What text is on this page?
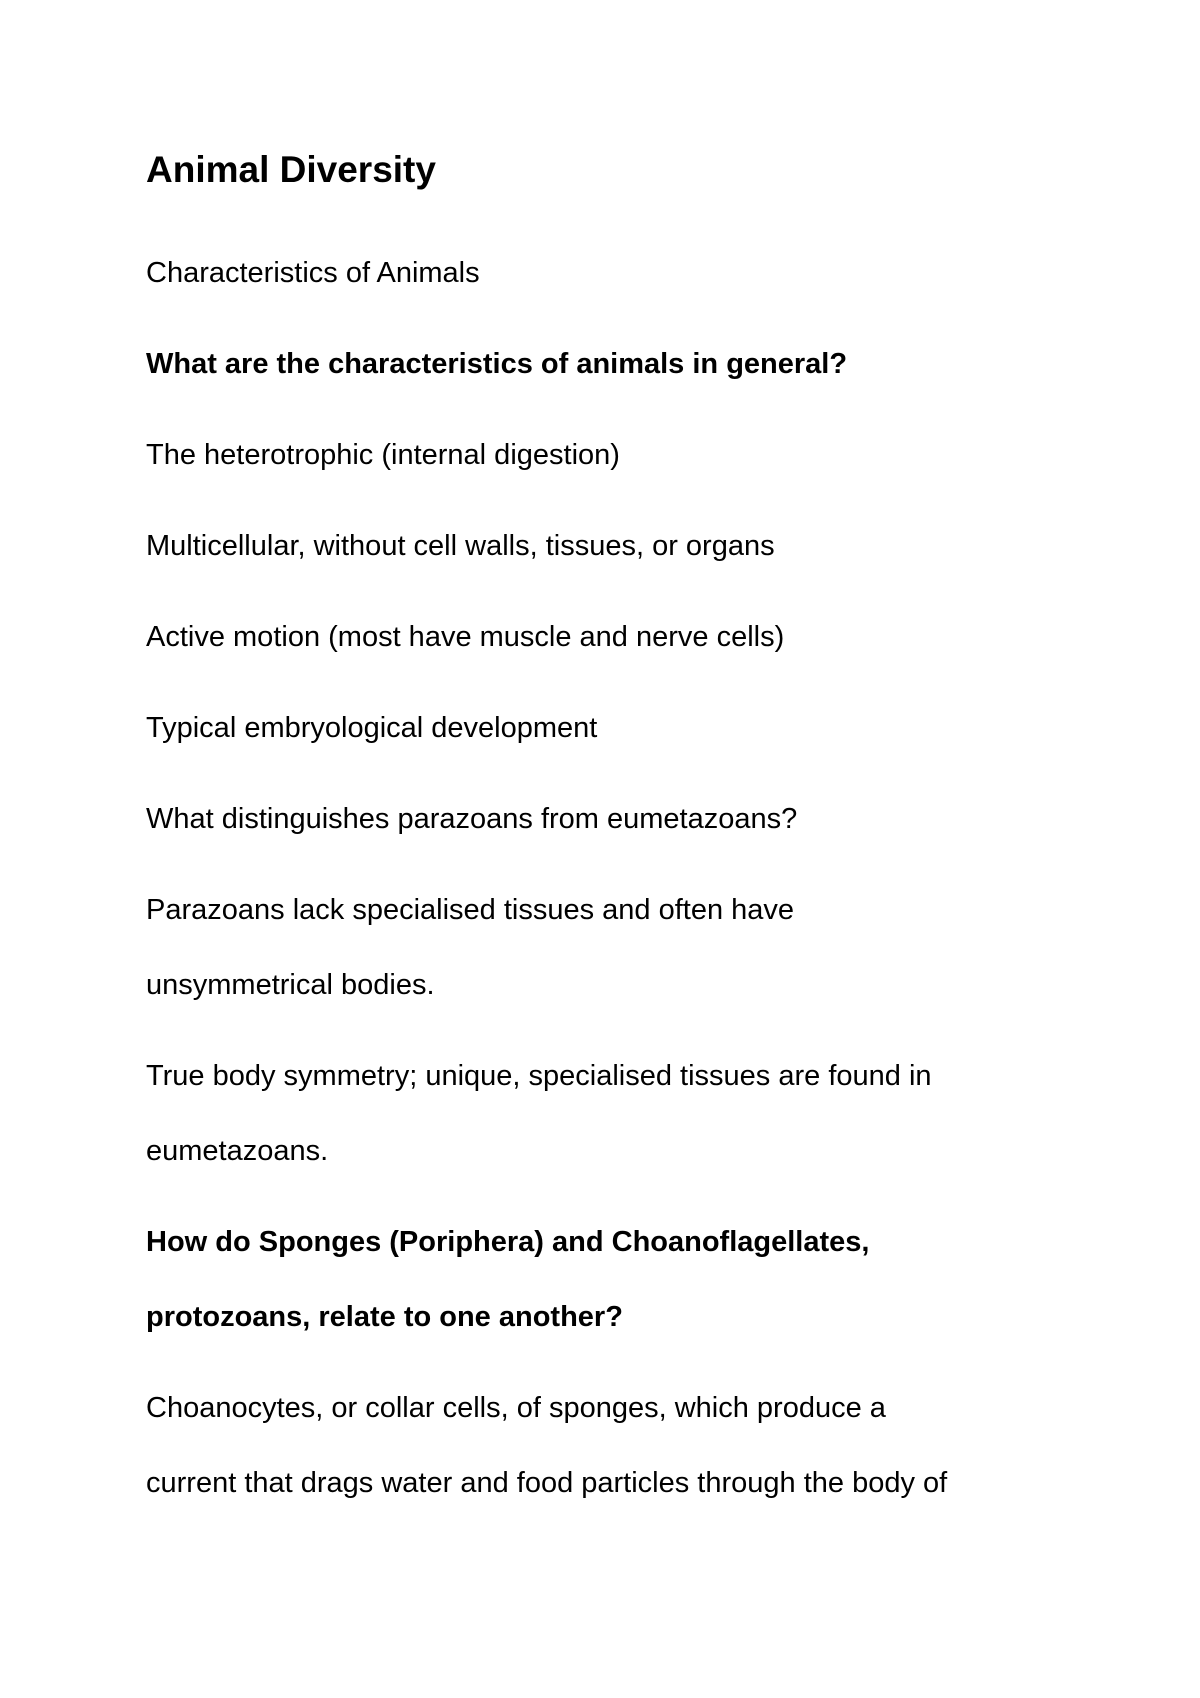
Animal Diversity

Characteristics of Animals

What are the characteristics of animals in general?

The heterotrophic (internal digestion)

Multicellular, without cell walls, tissues, or organs

Active motion (most have muscle and nerve cells)

Typical embryological development

What distinguishes parazoans from eumetazoans?

Parazoans lack specialised tissues and often have

unsymmetrical bodies.

True body symmetry; unique, specialised tissues are found in

eumetazoans.

How do Sponges (Poriphera) and Choanoflagellates,

protozoans, relate to one another?

Choanocytes, or collar cells, of sponges, which produce a

current that drags water and food particles through the body of
